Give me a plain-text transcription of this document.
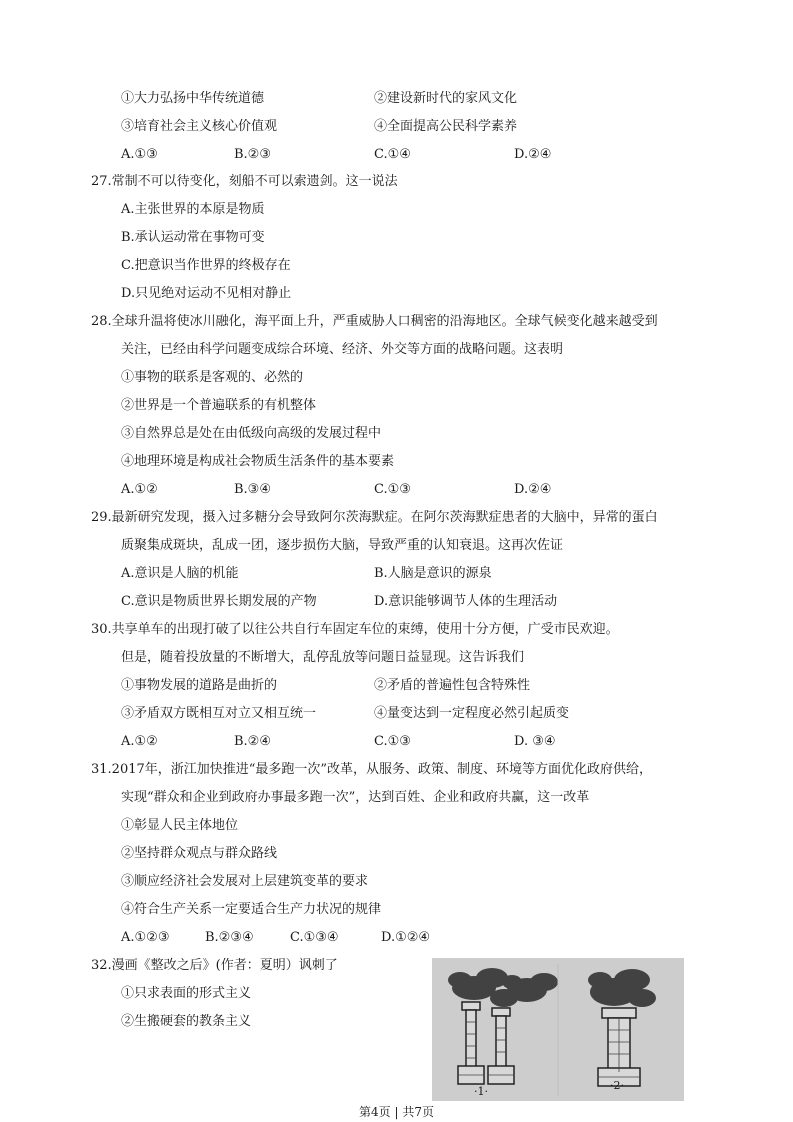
①大力弘扬中华传统道德	②建设新时代的家风文化
③培育社会主义核心价值观	④全面提高公民科学素养
A.①③	B.②③	C.①④	D.②④
27.常制不可以待变化，刻船不可以索遗剑。这一说法
A.主张世界的本原是物质
B.承认运动常在事物可变
C.把意识当作世界的终极存在
D.只见绝对运动不见相对静止
28.全球升温将使冰川融化，海平面上升，严重威胁人口稠密的沿海地区。全球气候变化越来越受到
关注，已经由科学问题变成综合环境、经济、外交等方面的战略问题。这表明
①事物的联系是客观的、必然的
②世界是一个普遍联系的有机整体
③自然界总是处在由低级向高级的发展过程中
④地理环境是构成社会物质生活条件的基本要素
A.①②	B.③④	C.①③	D.②④
29.最新研究发现，摄入过多糖分会导致阿尔茨海默症。在阿尔茨海默症患者的大脑中，异常的蛋白
质聚集成斑块，乱成一团，逐步损伤大脑，导致严重的认知衰退。这再次佐证
A.意识是人脑的机能	B.人脑是意识的源泉
C.意识是物质世界长期发展的产物	D.意识能够调节人体的生理活动
30.共享单车的出现打破了以往公共自行车固定车位的束缚，使用十分方便，广受市民欢迎。
但是，随着投放量的不断增大，乱停乱放等问题日益显现。这告诉我们
①事物发展的道路是曲折的	②矛盾的普遍性包含特殊性
③矛盾双方既相互对立又相互统一	④量变达到一定程度必然引起质变
A.①②	B.②④	C.①③	D. ③④
31.2017年，浙江加快推进“最多跑一次”改革，从服务、政策、制度、环境等方面优化政府供给，
实现“群众和企业到政府办事最多跑一次”，达到百姓、企业和政府共赢，这一改革
①彰显人民主体地位
②坚持群众观点与群众路线
③顺应经济社会发展对上层建筑变革的要求
④符合生产关系一定要适合生产力状况的规律
A.①②③	B.②③④	C.①③④	D.①②④
32.漫画《整改之后》(作者：夏明）讽刺了
①只求表面的形式主义
②生搬硬套的教条主义
·1·	·2·
第4页 | 共7页
